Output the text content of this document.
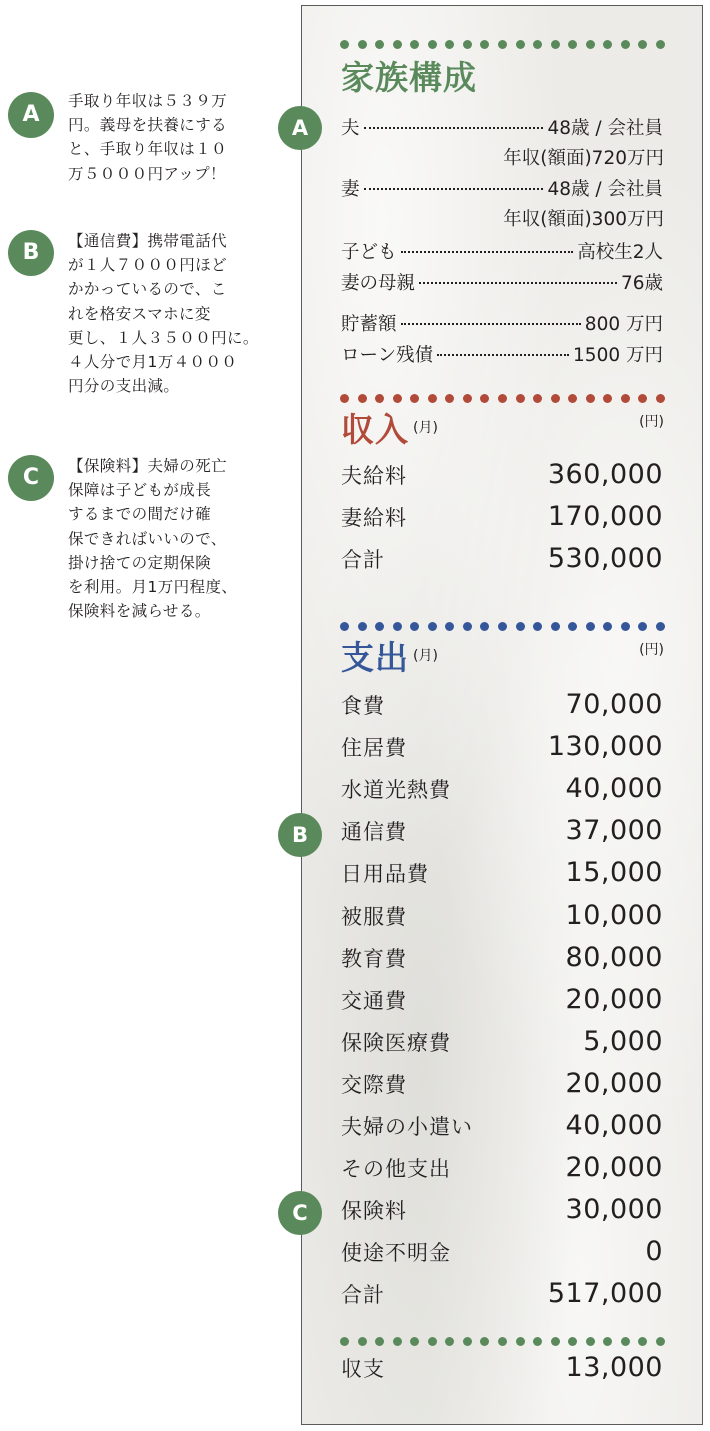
A
手取り年収は５３９万
円。義母を扶養にする
と、手取り年収は１０
万５０００円アップ！
B	【通信費】携帯電話代
が１人７０００円ほど
かかっているので、こ
れを格安スマホに変
更し、１人３５００円に。
４人分で月1万４０００
円分の支出減。
C	【保険料】夫婦の死亡
保障は子どもが成長
するまでの間だけ確
保できればいいので、
掛け捨ての定期保険
を利用。月1万円程度、
保険料を減らせる。
家族構成
A	夫	48歳 / 会社員
年収(額面)720万円
妻	48歳 / 会社員
年収(額面)300万円
子ども	高校生2人
妻の母親	76歳
貯蓄額	800 万円
ローン残債	1500 万円
収入 $^{(月)}$	(円)
夫給料	360,000
妻給料	170,000
合計	530,000
支出 $^{(月)}$	(円)
B
C
食費	70,000
住居費	130,000
水道光熱費	40,000
通信費	37,000
日用品費	15,000
被服費	10,000
教育費	80,000
交通費	20,000
保険医療費	5,000
交際費	20,000
夫婦の小遣い	40,000
その他支出	20,000
保険料	30,000
使途不明金	0
合計	517,000
収支	13,000
